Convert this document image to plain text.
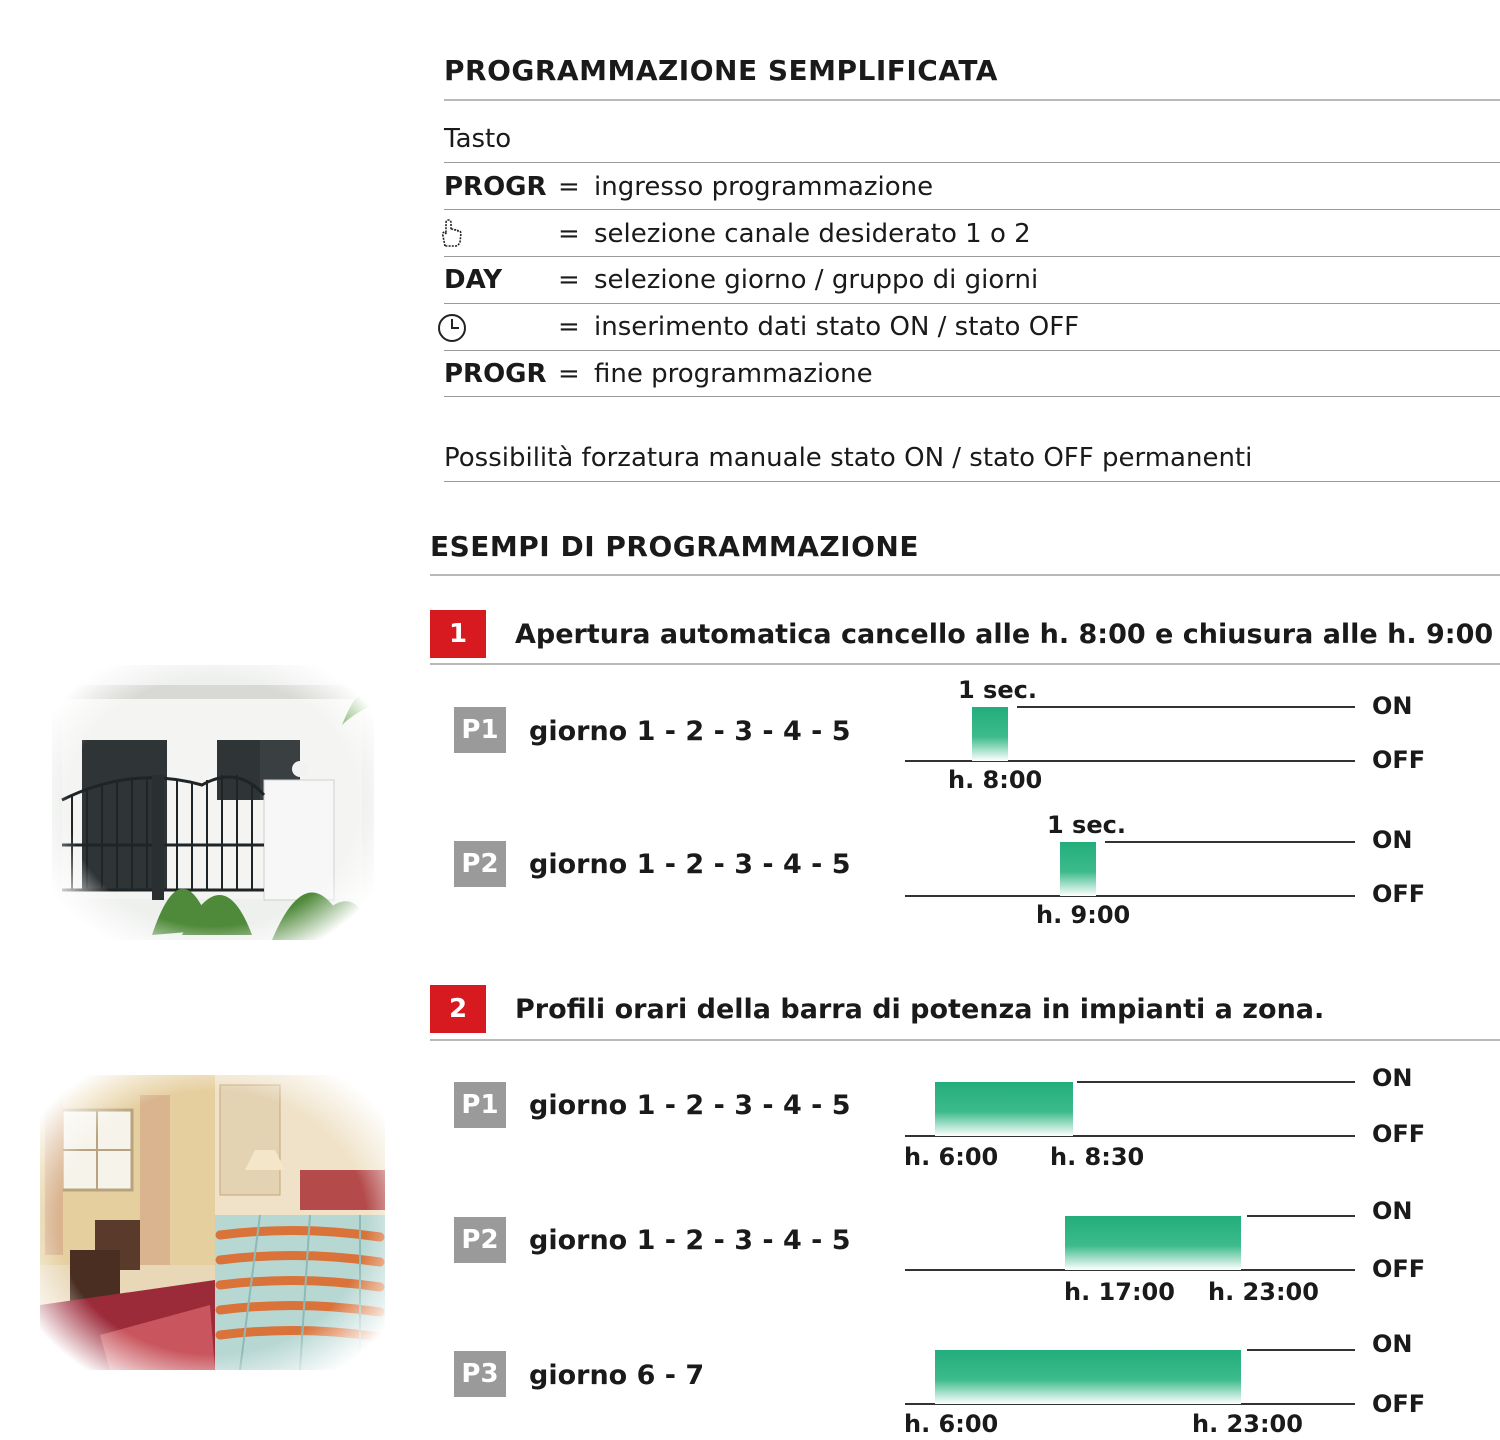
PROGRAMMAZIONE SEMPLIFICATA
Tasto
PROGR = ingresso programmazione
= selezione canale desiderato 1 o 2
DAY = selezione giorno / gruppo di giorni
= inserimento dati stato ON / stato OFF
PROGR = fine programmazione
Possibilità forzatura manuale stato ON / stato OFF permanenti
ESEMPI DI PROGRAMMAZIONE
1	Apertura automatica cancello alle h. 8:00 e chiusura alle h. 9:00
P1 giorno 1 - 2 - 3 - 4 - 5
1 sec.
h. 8:00
ON
OFF
P2 giorno 1 - 2 - 3 - 4 - 5
1 sec.
h. 9:00
ON
OFF
2	Profili orari della barra di potenza in impianti a zona.
P1 giorno 1 - 2 - 3 - 4 - 5
h. 6:00 h. 8:30
ON
OFF
P2 giorno 1 - 2 - 3 - 4 - 5
h. 17:00 h. 23:00
ON
OFF
P3 giorno 6 - 7
h. 6:00	h. 23:00
ON
OFF
